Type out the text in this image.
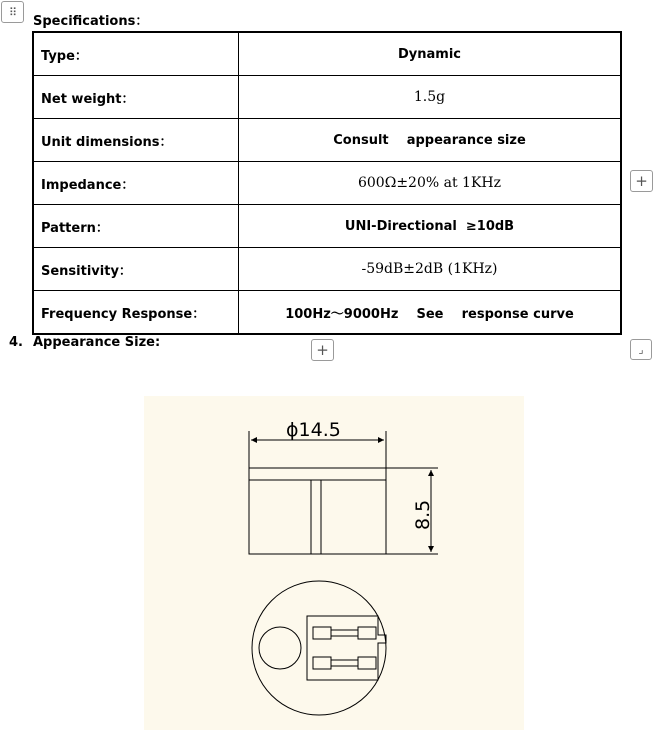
⠿
Specifications：
Type：	Dynamic
Net weight：	1.5g
Unit dimensions：	Consult    appearance size
Impedance：	600Ω±20% at 1KHz
Pattern：	UNI-Directional  ≥10dB
Sensitivity：	-59dB±2dB (1KHz)
Frequency Response：	100Hz～9000Hz    See    response curve
+
4. Appearance Size:	+	⌟
ϕ14.5
8.5
